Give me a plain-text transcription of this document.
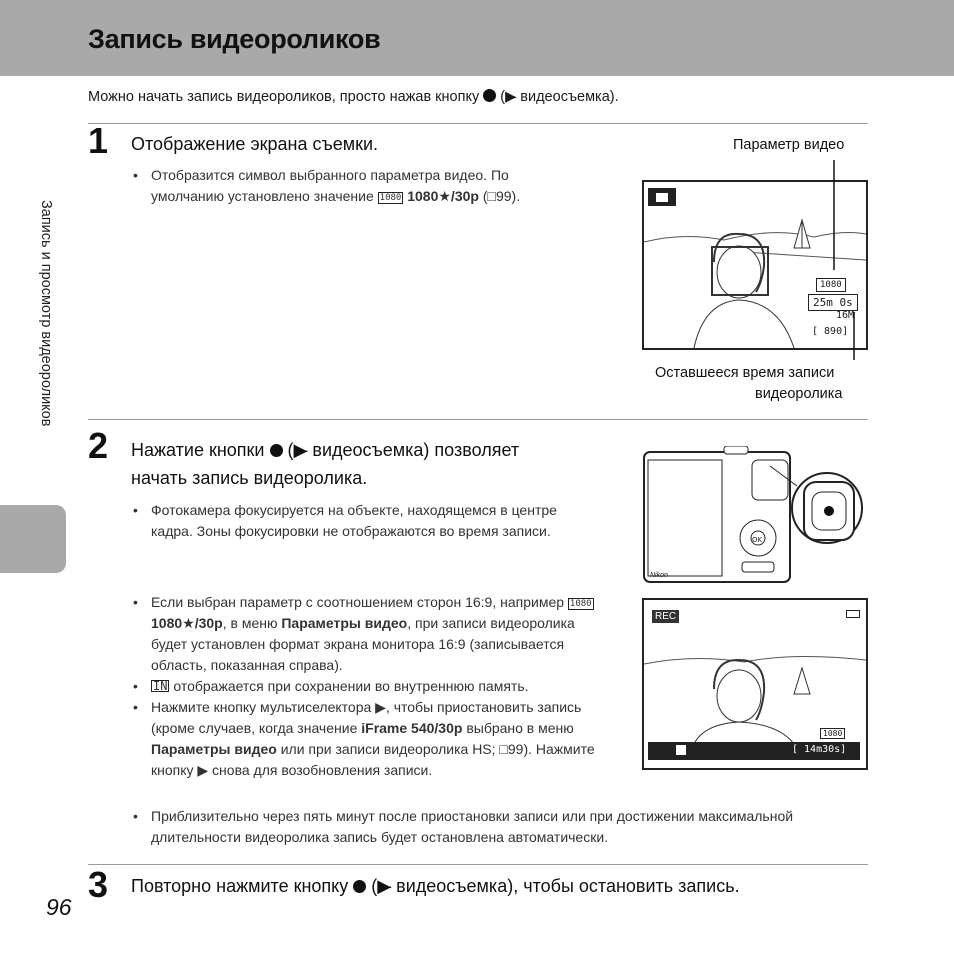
Запись видеороликов
Можно начать запись видеороликов, просто нажав кнопку (▶̶ видеосъемка).
Запись и просмотр видеороликов
96
1 Отображение экрана съемки.
• Отобразится символ выбранного параметра видео. По умолчанию установлено значение 1080 1080★/30p (□99).
Параметр видео
Оставшееся время записи
видеоролика
1080
25m 0s
16M
[ 890]
2 Нажатие кнопки (▶̶ видеосъемка) позволяет
начать запись видеоролика.
• Фотокамера фокусируется на объекте, находящемся в центре кадра. Зоны фокусировки не отображаются во время записи.
OK
Nikon
• Если выбран параметр с соотношением сторон 16:9, например 1080 1080★/30p, в меню Параметры видео, при записи видеоролика будет установлен формат экрана монитора 16:9 (записывается область, показанная справа).
• IN отображается при сохранении во внутреннюю память.
• Нажмите кнопку мультиселектора ▶, чтобы приостановить запись (кроме случаев, когда значение iFrame 540/30p выбрано в меню Параметры видео или при записи видеоролика HS; □99). Нажмите кнопку ▶ снова для возобновления записи.
REC
1080
[ 14m30s]
• Приблизительно через пять минут после приостановки записи или при достижении максимальной длительности видеоролика запись будет остановлена автоматически.
3 Повторно нажмите кнопку (▶̶ видеосъемка), чтобы остановить запись.
